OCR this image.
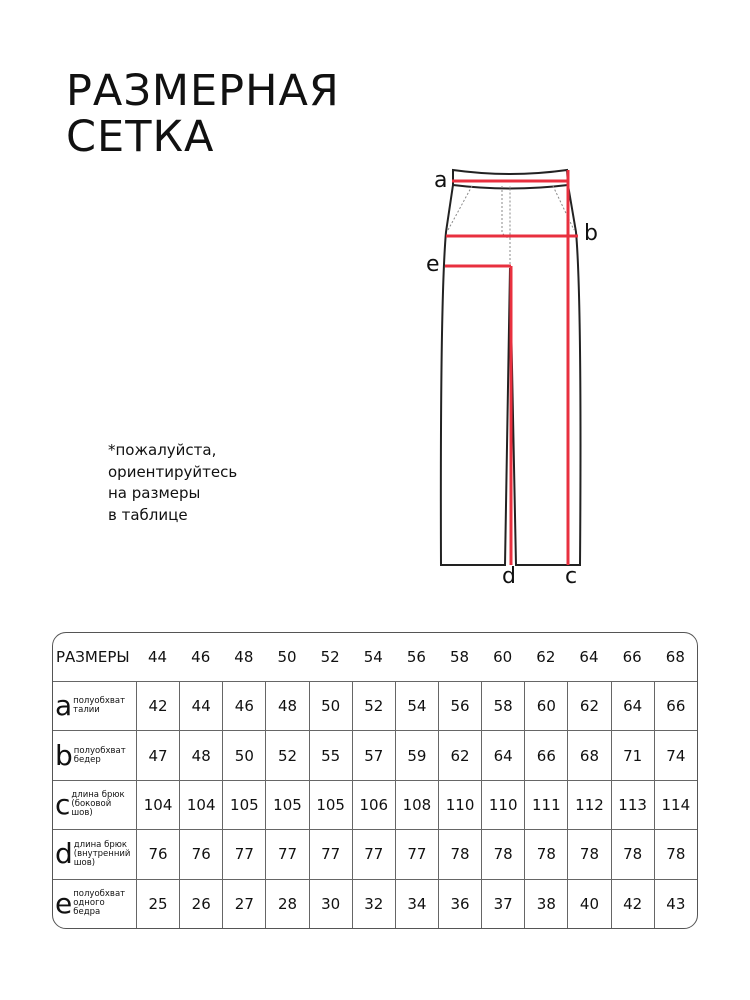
РАЗМЕРНАЯ
СЕТКА
*пожалуйста,
ориентируйтесь
на размеры
в таблице
a
b
e
d c
РАЗМЕРЫ	44	46	48	50	52	54	56	58	60	62	64	66	68

a полуобхват
талии	42	44	46	48	50	52	54	56	58	60	62	64	66

b полуобхват
бедер	47	48	50	52	55	57	59	62	64	66	68	71	74

c длина брюк
(боковой
шов)	104	104	105	105	105	106	108	110	110	111	112	113	114

d длина брюк
(внутренний
шов)	76	76	77	77	77	77	77	78	78	78	78	78	78

e полуобхват
одного
бедра	25	26	27	28	30	32	34	36	37	38	40	42	43
